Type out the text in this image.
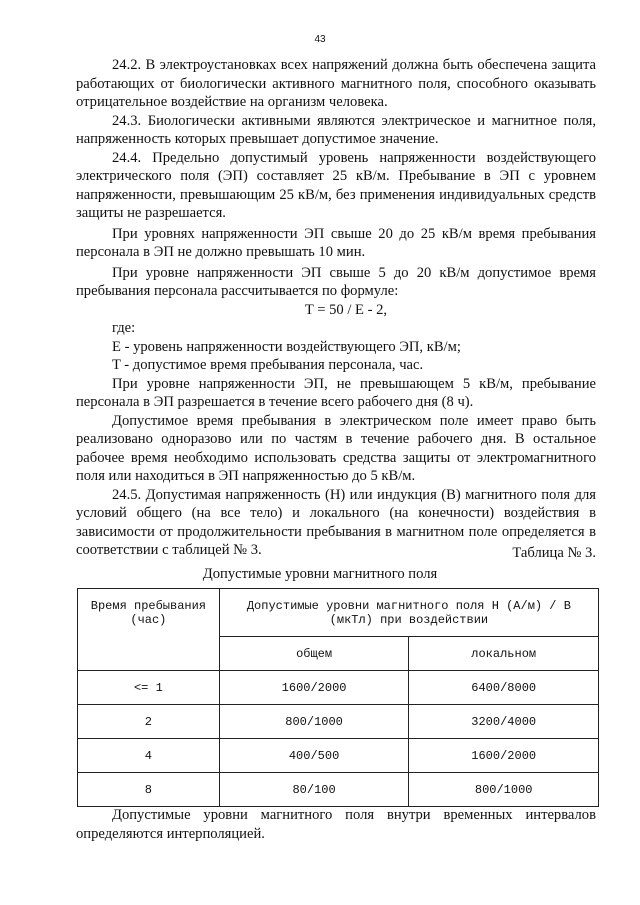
43

24.2. В электроустановках всех напряжений должна быть обеспечена защита работающих от биологически активного магнитного поля, способного оказывать отрицательное воздействие на организм человека.

24.3. Биологически активными являются электрическое и магнитное поля, напряженность которых превышает допустимое значение.

24.4. Предельно допустимый уровень напряженности воздействующего электрического поля (ЭП) составляет 25 кВ/м. Пребывание в ЭП с уровнем напряженности, превышающим 25 кВ/м, без применения индивидуальных средств защиты не разрешается.

При уровнях напряженности ЭП свыше 20 до 25 кВ/м время пребывания персонала в ЭП не должно превышать 10 мин.

При уровне напряженности ЭП свыше 5 до 20 кВ/м допустимое время пребывания персонала рассчитывается по формуле:

T = 50 / E - 2,

где:

E - уровень напряженности воздействующего ЭП, кВ/м;

T - допустимое время пребывания персонала, час.

При уровне напряженности ЭП, не превышающем 5 кВ/м, пребывание персонала в ЭП разрешается в течение всего рабочего дня (8 ч).

Допустимое время пребывания в электрическом поле имеет право быть реализовано одноразово или по частям в течение рабочего дня. В остальное рабочее время необходимо использовать средства защиты от электромагнитного поля или находиться в ЭП напряженностью до 5 кВ/м.

24.5. Допустимая напряженность (H) или индукция (B) магнитного поля для условий общего (на все тело) и локального (на конечности) воздействия в зависимости от продолжительности пребывания в магнитном поле определяется в соответствии с таблицей № 3.	Таблица № 3.
Допустимые уровни магнитного поля
Время пребывания (час)	Допустимые уровни магнитного поля H (А/м) / B (мкТл) при воздействии	
	общем	локальном
<= 1	1600/2000	6400/8000
2	800/1000	3200/4000
4	400/500	1600/2000
8	80/100	800/1000

Допустимые уровни магнитного поля внутри временных интервалов определяются интерполяцией.
